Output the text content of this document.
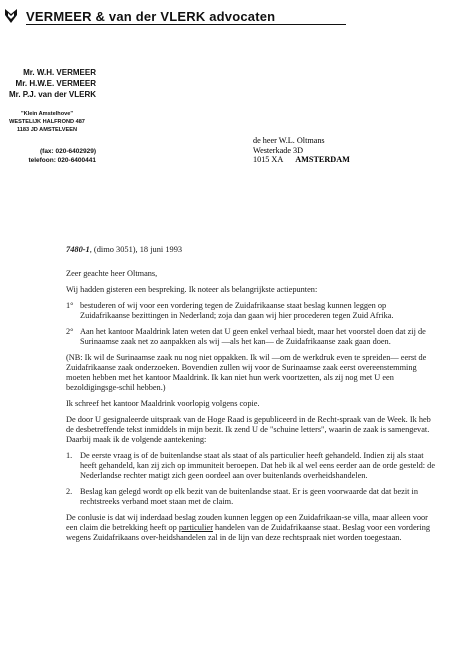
VERMEER & van der VLERK advocaten
Mr. W.H. VERMEER
Mr. H.W.E. VERMEER
Mr. P.J. van der VLERK
"Klein Amstelhove"
WESTELIJK HALFROND 487
1183 JD AMSTELVEEN
(fax: 020-6402929)
telefoon: 020-6400441
de heer W.L. Oltmans
Westerkade 3D
1015 XA AMSTERDAM
7480-1, (dimo 3051), 18 juni 1993

Zeer geachte heer Oltmans,

Wij hadden gisteren een bespreking. Ik noteer als belangrijkste actiepunten:

1° bestuderen of wij voor een vordering tegen de Zuidafrikaanse staat beslag kunnen leggen op Zuidafrikaanse bezittingen in Nederland; zoja dan gaan wij hier procederen tegen Zuid Afrika.
2° Aan het kantoor Maaldrink laten weten dat U geen enkel verhaal biedt, maar het voorstel doen dat zij de Surinaamse zaak net zo aanpakken als wij —als het kan— de Zuidafrikaanse zaak gaan doen.

(NB: Ik wil de Surinaamse zaak nu nog niet oppakken. Ik wil —om de werkdruk even te spreiden— eerst de Zuidafrikaanse zaak onderzoeken. Bovendien zullen wij voor de Surinaamse zaak eerst overeenstemming moeten hebben met het kantoor Maaldrink. Ik kan niet hun werk voortzetten, als zij nog met U een bezoldigingsge-schil hebben.)

Ik schreef het kantoor Maaldrink voorlopig volgens copie.

De door U gesignaleerde uitspraak van de Hoge Raad is gepubliceerd in de Recht-spraak van de Week. Ik heb de desbetreffende tekst inmiddels in mijn bezit. Ik zend U de "schuine letters", waarin de zaak is samengevat. Daarbij maak ik de volgende aantekening:

1. De eerste vraag is of de buitenlandse staat als staat of als particulier heeft gehandeld. Indien zij als staat heeft gehandeld, kan zij zich op immuniteit beroepen. Dat heb ik al wel eens eerder aan de orde gesteld: de Nederlandse rechter matigt zich geen oordeel aan over buitenlands overheidshandelen.
2. Beslag kan gelegd wordt op elk bezit van de buitenlandse staat. Er is geen voorwaarde dat dat bezit in rechtstreeks verband moet staan met de claim.

De conlusie is dat wij inderdaad beslag zouden kunnen leggen op een Zuidafrikaan-se villa, maar alleen voor een claim die betrekking heeft op particulier handelen van de Zuidafrikaanse staat. Beslag voor een vordering wegens Zuidafrikaans over-heidshandelen zal in de lijn van deze rechtspraak niet worden toegestaan.
